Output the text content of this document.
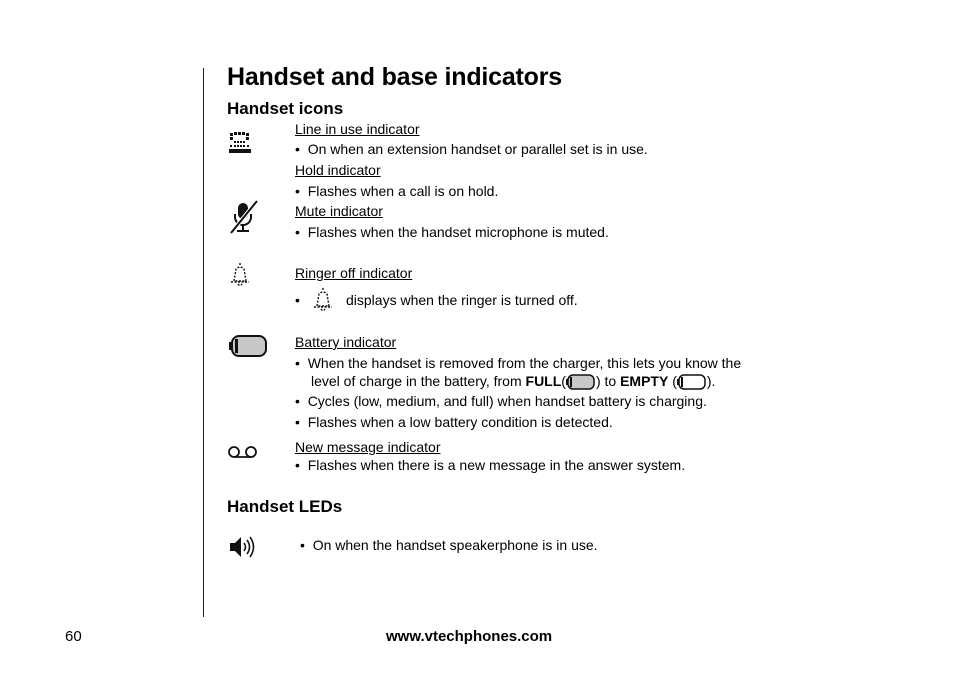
Handset and base indicators
Handset icons
Line in use indicator
•  On when an extension handset or parallel set is in use.
Hold indicator
•  Flashes when a call is on hold.
Mute indicator
•  Flashes when the handset microphone is muted.
Ringer off indicator
•	displays when the ringer is turned off.
Battery indicator
•  When the handset is removed from the charger, this lets you know the
level of charge in the battery, from FULL( ) to EMPTY ( ).
•  Cycles (low, medium, and full) when handset battery is charging.
•  Flashes when a low battery condition is detected.
New message indicator
•  Flashes when there is a new message in the answer system.
Handset LEDs
•  On when the handset speakerphone is in use.
60	www.vtechphones.com
